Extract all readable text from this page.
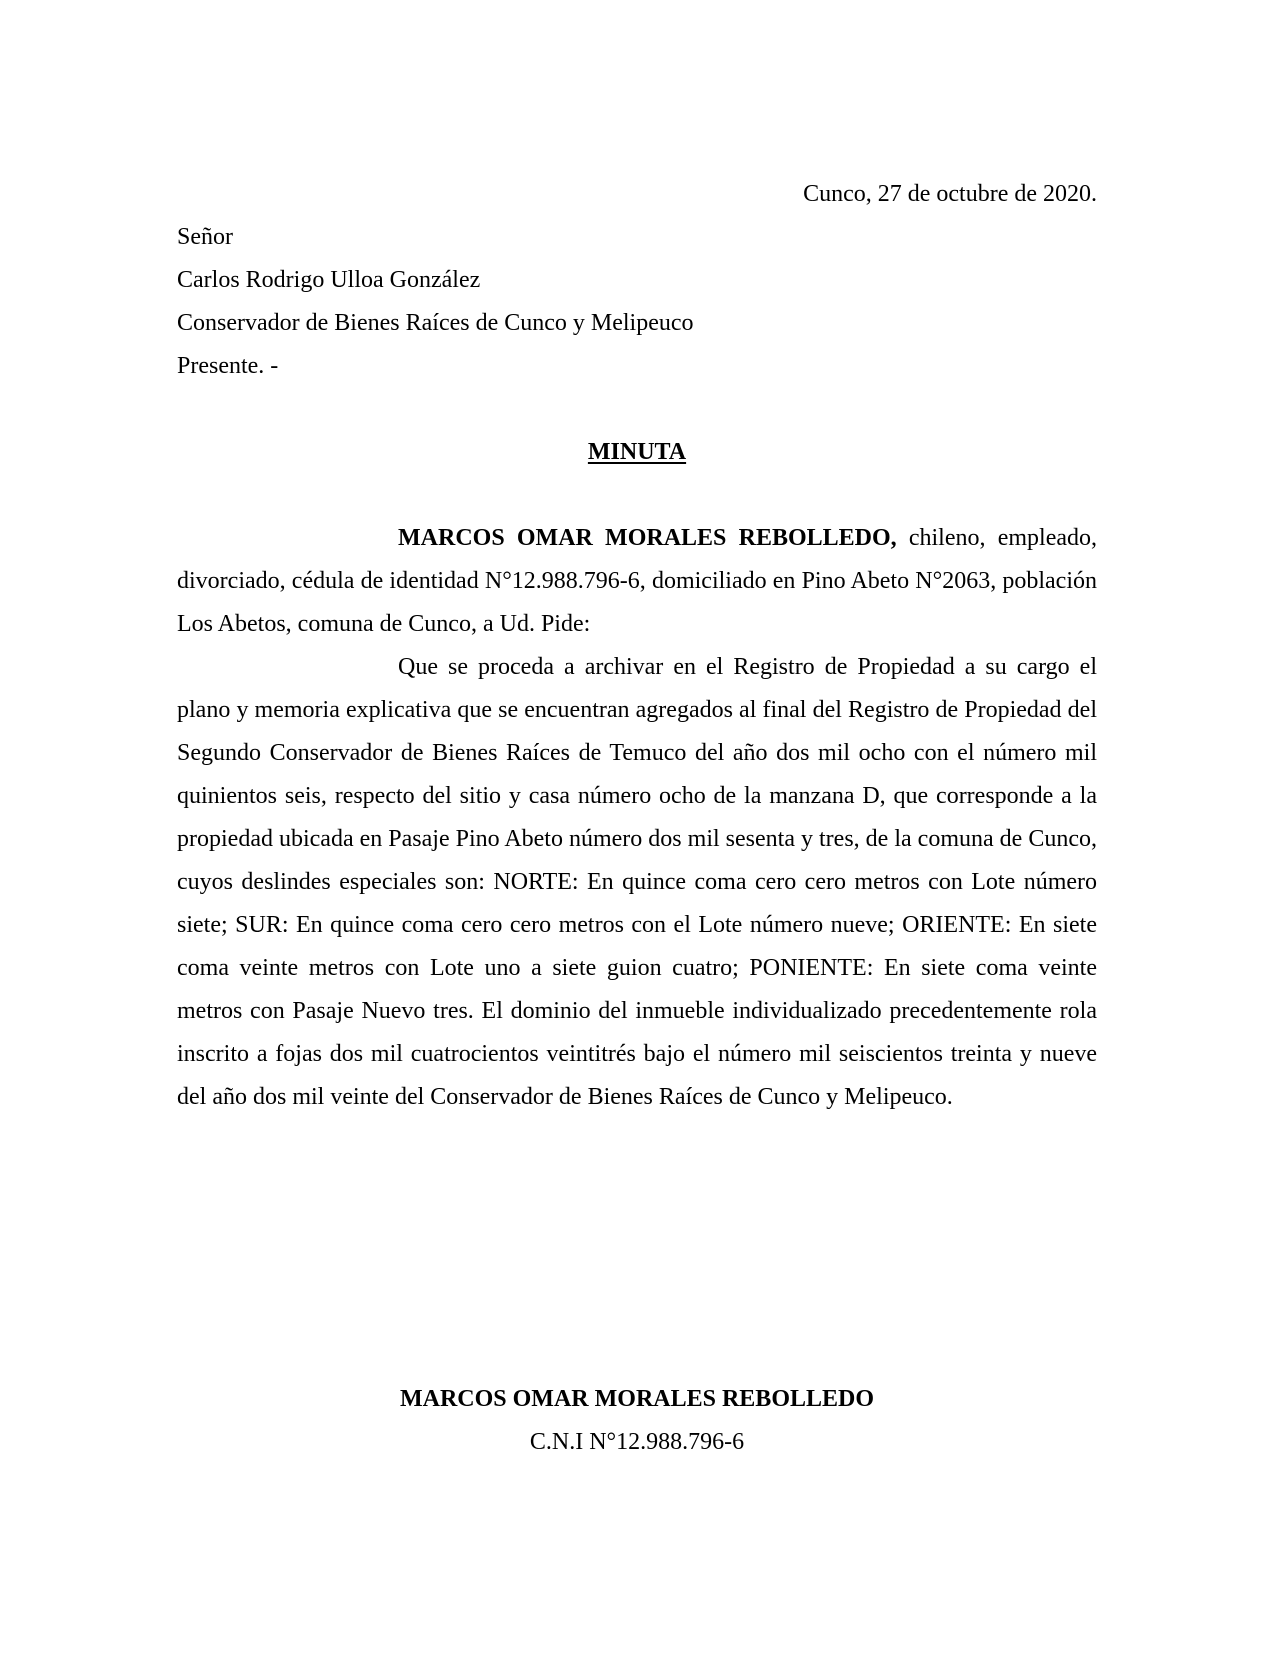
Cunco, 27 de octubre de 2020.
Señor
Carlos Rodrigo Ulloa González
Conservador de Bienes Raíces de Cunco y Melipeuco
Presente. -
MINUTA

MARCOS OMAR MORALES REBOLLEDO, chileno, empleado, divorciado, cédula de identidad N°12.988.796-6, domiciliado en Pino Abeto N°2063, población Los Abetos, comuna de Cunco, a Ud. Pide:

Que se proceda a archivar en el Registro de Propiedad a su cargo el plano y memoria explicativa que se encuentran agregados al final del Registro de Propiedad del Segundo Conservador de Bienes Raíces de Temuco del año dos mil ocho con el número mil quinientos seis, respecto del sitio y casa número ocho de la manzana D, que corresponde a la propiedad ubicada en Pasaje Pino Abeto número dos mil sesenta y tres, de la comuna de Cunco, cuyos deslindes especiales son: NORTE: En quince coma cero cero metros con Lote número siete; SUR: En quince coma cero cero metros con el Lote número nueve; ORIENTE: En siete coma veinte metros con Lote uno a siete guion cuatro; PONIENTE: En siete coma veinte metros con Pasaje Nuevo tres. El dominio del inmueble individualizado precedentemente rola inscrito a fojas dos mil cuatrocientos veintitrés bajo el número mil seiscientos treinta y nueve del año dos mil veinte del Conservador de Bienes Raíces de Cunco y Melipeuco.

MARCOS OMAR MORALES REBOLLEDO
C.N.I N°12.988.796-6
